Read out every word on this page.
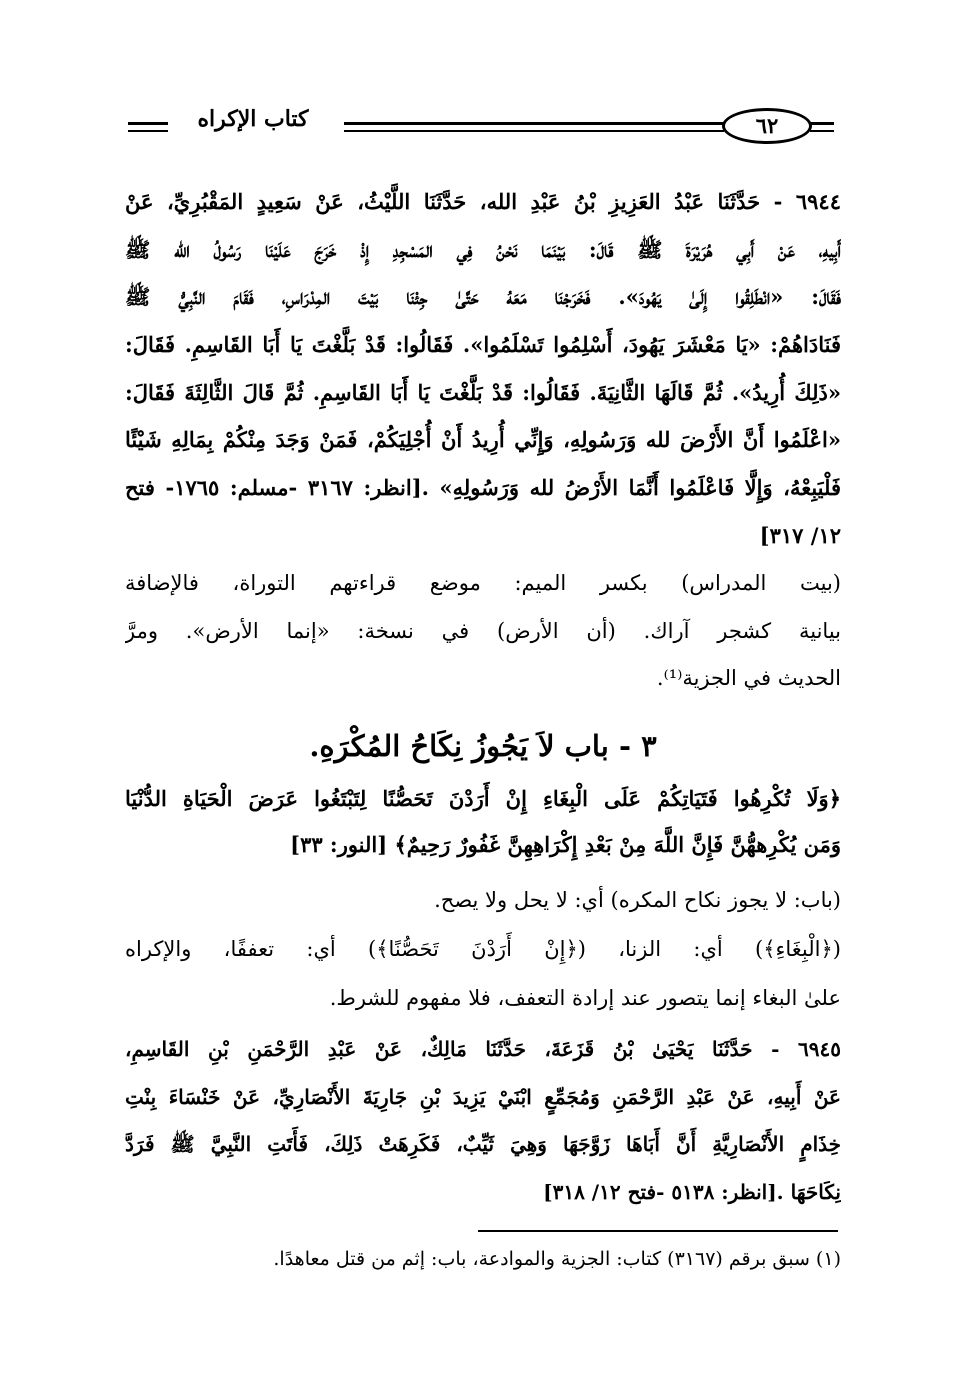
كتاب الإكراه	٦٢
٦٩٤٤ - حَدَّثَنَا عَبْدُ العَزِيزِ بْنُ عَبْدِ الله، حَدَّثَنَا اللَّيْثُ، عَنْ سَعِيدٍ المَقْبُرِيِّ، عَنْ
أَبِيهِ، عَنْ أَبِي هُرَيْرَةَ ﷺ قَالَ: بَيْنَمَا نَحْنُ فِي المَسْجِدِ إِذْ خَرَجَ عَلَيْنَا رَسُولُ الله ﷺ
فَقَالَ: «انْطَلِقُوا إِلَىٰ يَهُودَ». فَخَرَجْنَا مَعَهُ حَتَّىٰ جِئْنَا بَيْتَ المِدْرَاسِ، فَقَامَ النَّبِيُّ ﷺ
فَنَادَاهُمْ: «يَا مَعْشَرَ يَهُودَ، أَسْلِمُوا تَسْلَمُوا». فَقَالُوا: قَدْ بَلَّغْتَ يَا أَبَا القَاسِمِ. فَقَالَ:
«ذَلِكَ أُرِيدُ». ثُمَّ قَالَهَا الثَّانِيَةَ. فَقَالُوا: قَدْ بَلَّغْتَ يَا أَبَا القَاسِمِ. ثُمَّ قَالَ الثَّالِثَةَ فَقَالَ:
«اعْلَمُوا أَنَّ الأَرْضَ لله وَرَسُولِهِ، وَإِنِّي أُرِيدُ أَنْ أُجْلِيَكُمْ، فَمَنْ وَجَدَ مِنْكُمْ بِمَالِهِ شَيْئًا
فَلْيَبِعْهُ، وَإِلَّا فَاعْلَمُوا أَنَّمَا الأَرْضُ لله وَرَسُولِهِ» .[انظر: ٣١٦٧ -مسلم: ١٧٦٥- فتح
١٢/ ٣١٧]
(بيت المدراس) بكسر الميم: موضع قراءتهم التوراة، فالإضافة
بيانية كشجر آراك. (أن الأرض) في نسخة: «إنما الأرض». ومرَّ
الحديث في الجزية⁽¹⁾.
٣ - باب لاَ يَجُوزُ نِكَاحُ المُكْرَهِ.
﴿وَلَا تُكْرِهُوا فَتَيَاتِكُمْ عَلَى الْبِغَاءِ إِنْ أَرَدْنَ تَحَصُّنًا لِتَبْتَغُوا عَرَضَ الْحَيَاةِ الدُّنْيَا
وَمَن يُكْرِههُّنَّ فَإِنَّ اللَّهَ مِنْ بَعْدِ إِكْرَاهِهِنَّ غَفُورٌ رَحِيمٌ﴾ [النور: ٣٣]
(باب: لا يجوز نكاح المكره) أي: لا يحل ولا يصح.
(﴿الْبِغَاءِ﴾) أي: الزنا، (﴿إِنْ أَرَدْنَ تَحَصُّنًا﴾) أي: تعففًا، والإكراه
علىٰ البغاء إنما يتصور عند إرادة التعفف، فلا مفهوم للشرط.
٦٩٤٥ - حَدَّثَنَا يَحْيَىٰ بْنُ قَزَعَةَ، حَدَّثَنَا مَالِكٌ، عَنْ عَبْدِ الرَّحْمَنِ بْنِ القَاسِمِ،
عَنْ أَبِيهِ، عَنْ عَبْدِ الرَّحْمَنِ وَمُجَمِّعٍ ابْنَيْ يَزِيدَ بْنِ جَارِيَةَ الأَنْصَارِيِّ، عَنْ خَنْسَاءَ بِنْتِ
خِذَامٍ الأَنْصَارِيَّةِ أَنَّ أَبَاهَا زَوَّجَهَا وَهِيَ ثَيِّبٌ، فَكَرِهَتْ ذَلِكَ، فَأَتَتِ النَّبِيَّ ﷺ فَرَدَّ
نِكَاحَهَا .[انظر: ٥١٣٨ -فتح ١٢/ ٣١٨]
(١) سبق برقم (٣١٦٧) كتاب: الجزية والموادعة، باب: إثم من قتل معاهدًا.
